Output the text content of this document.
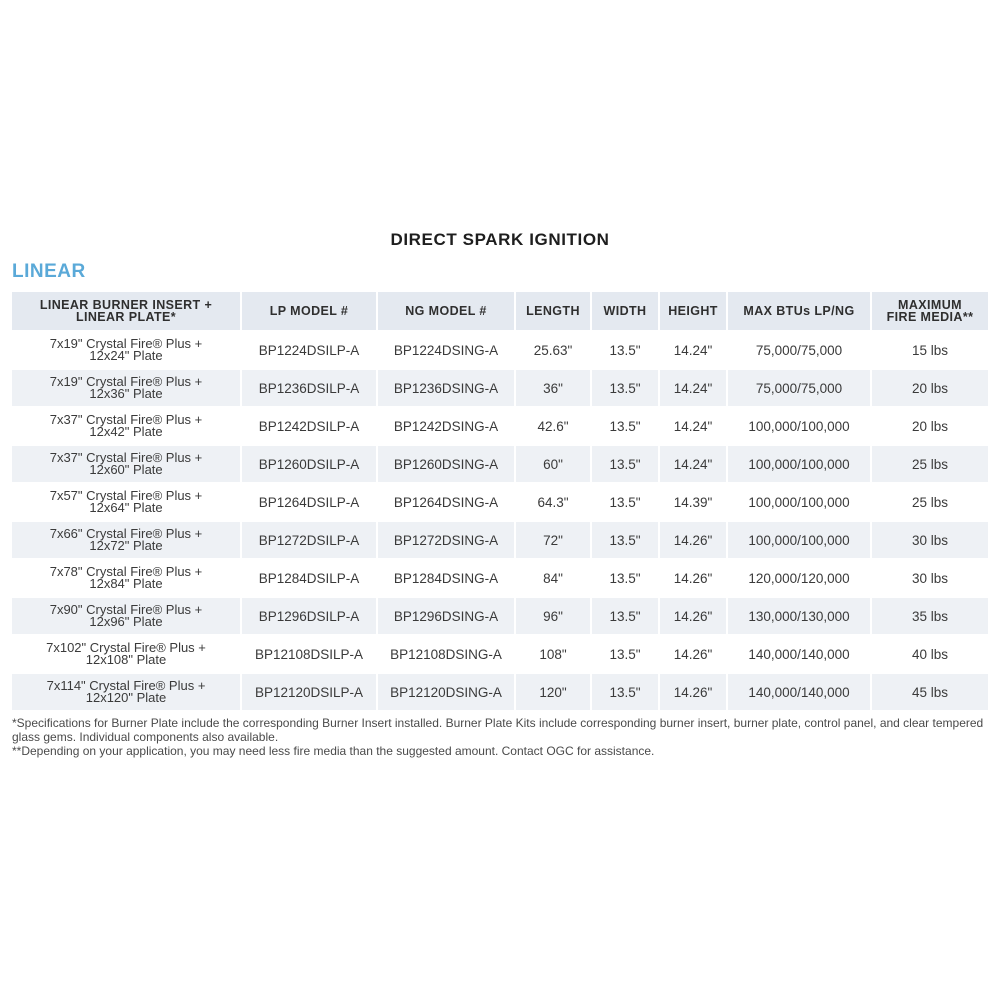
DIRECT SPARK IGNITION
LINEAR
LINEAR BURNER INSERT +
LINEAR PLATE*	LP MODEL #	NG MODEL #	LENGTH	WIDTH	HEIGHT	MAX BTUs LP/NG	MAXIMUM
FIRE MEDIA**

7x19" Crystal Fire® Plus +
12x24" Plate	BP1224DSILP-A	BP1224DSING-A	25.63"	13.5"	14.24"	75,000/75,000	15 lbs

7x19" Crystal Fire® Plus +
12x36" Plate	BP1236DSILP-A	BP1236DSING-A	36"	13.5"	14.24"	75,000/75,000	20 lbs

7x37" Crystal Fire® Plus +
12x42" Plate	BP1242DSILP-A	BP1242DSING-A	42.6"	13.5"	14.24"	100,000/100,000	20 lbs

7x37" Crystal Fire® Plus +
12x60" Plate	BP1260DSILP-A	BP1260DSING-A	60"	13.5"	14.24"	100,000/100,000	25 lbs

7x57" Crystal Fire® Plus +
12x64" Plate	BP1264DSILP-A	BP1264DSING-A	64.3"	13.5"	14.39"	100,000/100,000	25 lbs

7x66" Crystal Fire® Plus +
12x72" Plate	BP1272DSILP-A	BP1272DSING-A	72"	13.5"	14.26"	100,000/100,000	30 lbs

7x78" Crystal Fire® Plus +
12x84" Plate	BP1284DSILP-A	BP1284DSING-A	84"	13.5"	14.26"	120,000/120,000	30 lbs

7x90" Crystal Fire® Plus +
12x96" Plate	BP1296DSILP-A	BP1296DSING-A	96"	13.5"	14.26"	130,000/130,000	35 lbs

7x102" Crystal Fire® Plus +
12x108" Plate	BP12108DSILP-A	BP12108DSING-A	108"	13.5"	14.26"	140,000/140,000	40 lbs

7x114" Crystal Fire® Plus +
12x120" Plate	BP12120DSILP-A	BP12120DSING-A	120"	13.5"	14.26"	140,000/140,000	45 lbs

*Specifications for Burner Plate include the corresponding Burner Insert installed. Burner Plate Kits include corresponding burner insert, burner plate, control panel, and clear tempered glass gems. Individual components also available.

**Depending on your application, you may need less fire media than the suggested amount. Contact OGC for assistance.
